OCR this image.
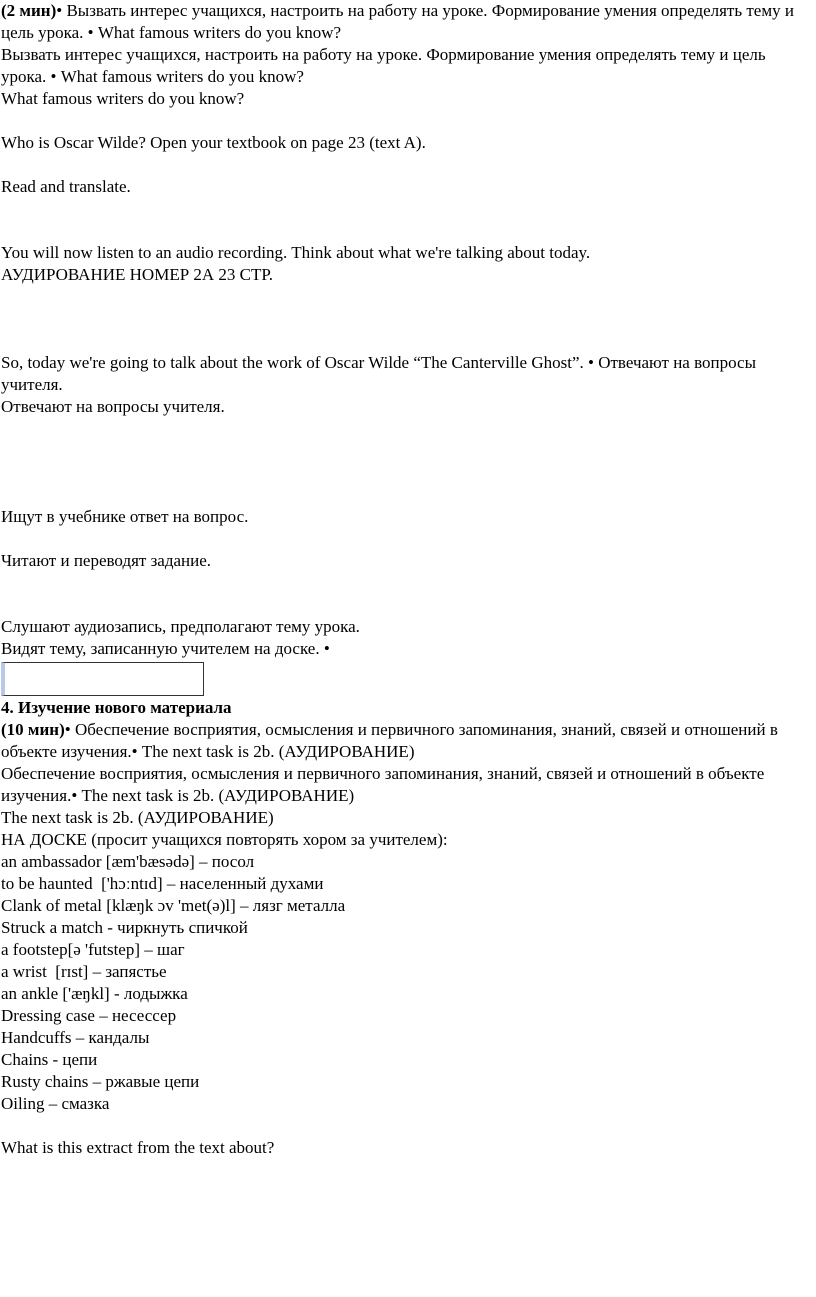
(2 мин)• Вызвать интерес учащихся, настроить на работу на уроке. Формирование умения определять тему и цель урока. • What famous writers do you know?

Вызвать интерес учащихся, настроить на работу на уроке. Формирование умения определять тему и цель урока. • What famous writers do you know?

What famous writers do you know?

Who is Oscar Wilde? Open your textbook on page 23 (text A).

Read and translate.

You will now listen to an audio recording. Think about what we're talking about today.

АУДИРОВАНИЕ НОМЕР 2А 23 СТР.

So, today we're going to talk about the work of Oscar Wilde “The Canterville Ghost”. • Отвечают на вопросы учителя.

Отвечают на вопросы учителя.

Ищут в учебнике ответ на вопрос.

Читают и переводят задание.

Слушают аудиозапись, предполагают тему урока.

Видят тему, записанную учителем на доске. •

4. Изучение нового материала

(10 мин)• Обеспечение восприятия, осмысления и первичного запоминания, знаний, связей и отношений в объекте изучения.• The next task is 2b. (АУДИРОВАНИЕ)

Обеспечение восприятия, осмысления и первичного запоминания, знаний, связей и отношений в объекте изучения.• The next task is 2b. (АУДИРОВАНИЕ)

The next task is 2b. (АУДИРОВАНИЕ)

НА ДОСКЕ (просит учащихся повторять хором за учителем):

an ambassador [æm'bæsədə] – посол

to be haunted  ['hɔːntɪd] – населенный духами

Clank of metal [klæŋk ɔv 'met(ə)l] – лязг металла

Struck a match - чиркнуть спичкой

a footstep[ə 'futstep] – шаг

a wrist  [rɪst] – запястье

an ankle ['æŋkl] - лодыжка

Dressing case – несессер

Handcuffs – кандалы

Chains - цепи

Rusty chains – ржавые цепи

Oiling – смазка

What is this extract from the text about?
